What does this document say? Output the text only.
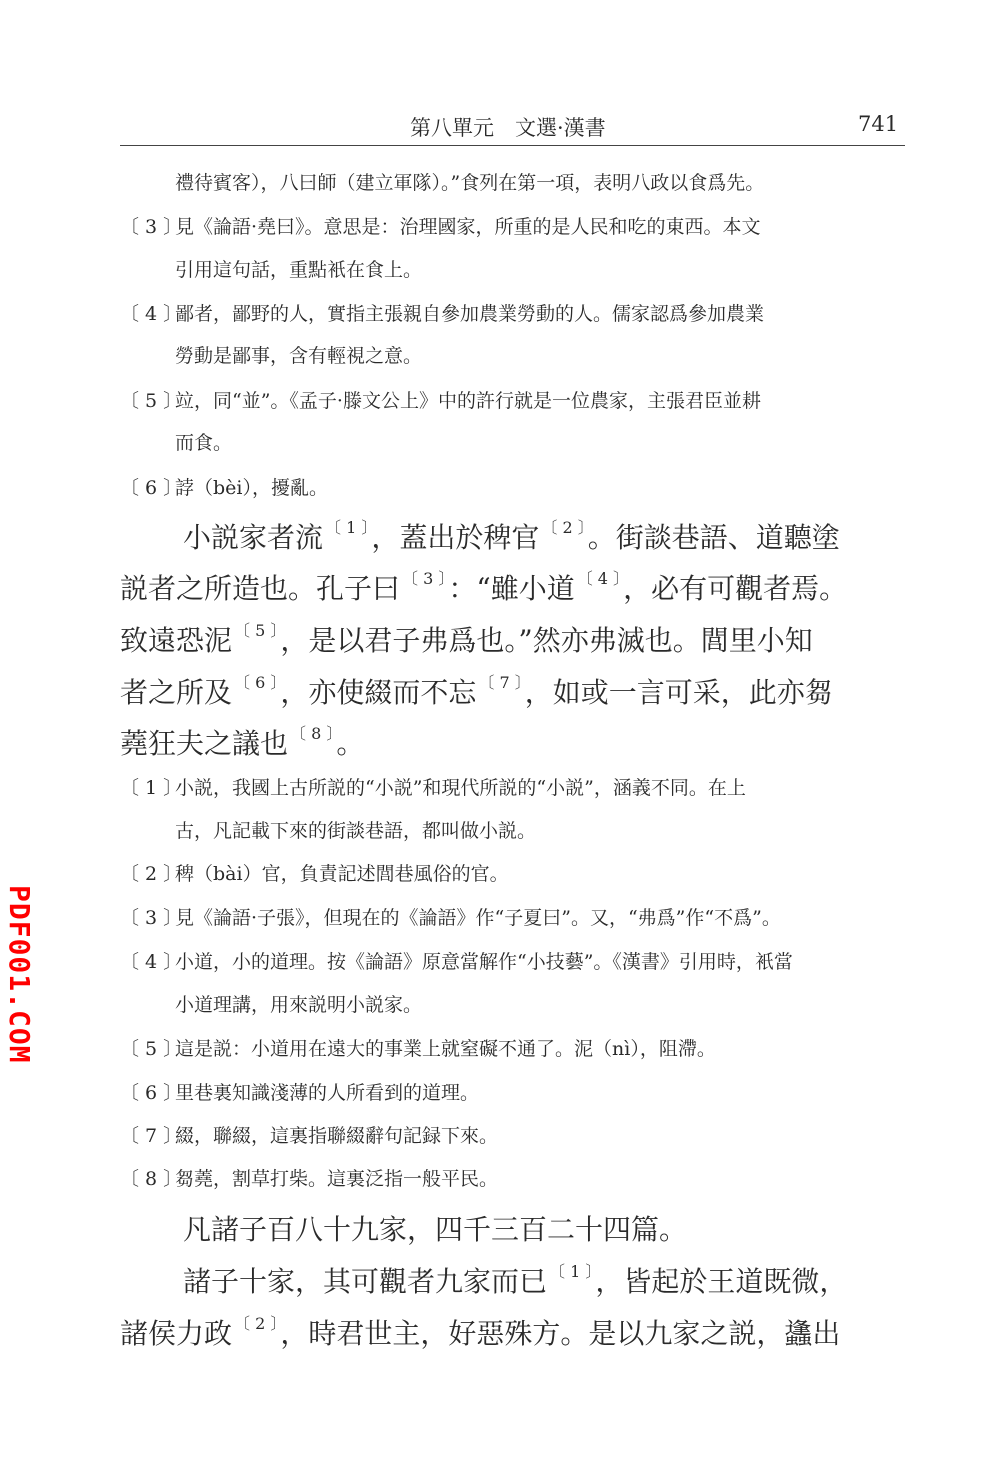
第八單元　文選·漢書	741
禮待賓客），八曰師（建立軍隊）。”食列在第一項，表明八政以食爲先。
〔 3 〕見《論語·堯曰》。意思是：治理國家，所重的是人民和吃的東西。本文
引用這句話，重點衹在食上。
〔 4 〕鄙者，鄙野的人，實指主張親自參加農業勞動的人。儒家認爲參加農業
勞動是鄙事，含有輕視之意。
〔 5 〕竝，同“並”。《孟子·滕文公上》中的許行就是一位農家，主張君臣並耕
而食。
〔 6 〕誖（bèi），擾亂。
小説家者流 $^{〔 1 〕}$，蓋出於稗官 $^{〔 2 〕}$。街談巷語、道聽塗
説者之所造也。孔子曰 $^{〔 3 〕}$：“雖小道 $^{〔 4 〕}$，必有可觀者焉。
致遠恐泥 $^{〔 5 〕}$，是以君子弗爲也。”然亦弗滅也。閭里小知
者之所及 $^{〔 6 〕}$，亦使綴而不忘 $^{〔 7 〕}$，如或一言可采，此亦芻
蕘狂夫之議也 $^{〔 8 〕}$。
〔 1 〕小説，我國上古所説的“小説”和現代所説的“小説”，涵義不同。在上
古，凡記載下來的街談巷語，都叫做小説。
〔 2 〕稗（bài）官，負責記述閭巷風俗的官。
〔 3 〕見《論語·子張》，但現在的《論語》作“子夏曰”。又，“弗爲”作“不爲”。
〔 4 〕小道，小的道理。按《論語》原意當解作“小技藝”。《漢書》引用時，衹當
小道理講，用來説明小説家。
〔 5 〕這是説：小道用在遠大的事業上就窒礙不通了。泥（nì），阻滯。
〔 6 〕里巷裏知識淺薄的人所看到的道理。
〔 7 〕綴，聯綴，這裏指聯綴辭句記録下來。
〔 8 〕芻蕘，割草打柴。這裏泛指一般平民。
凡諸子百八十九家，四千三百二十四篇。
諸子十家，其可觀者九家而已 $^{〔 1 〕}$，皆起於王道既微，
諸侯力政 $^{〔 2 〕}$，時君世主，好惡殊方。是以九家之説，蠭出
PDF001.COM
